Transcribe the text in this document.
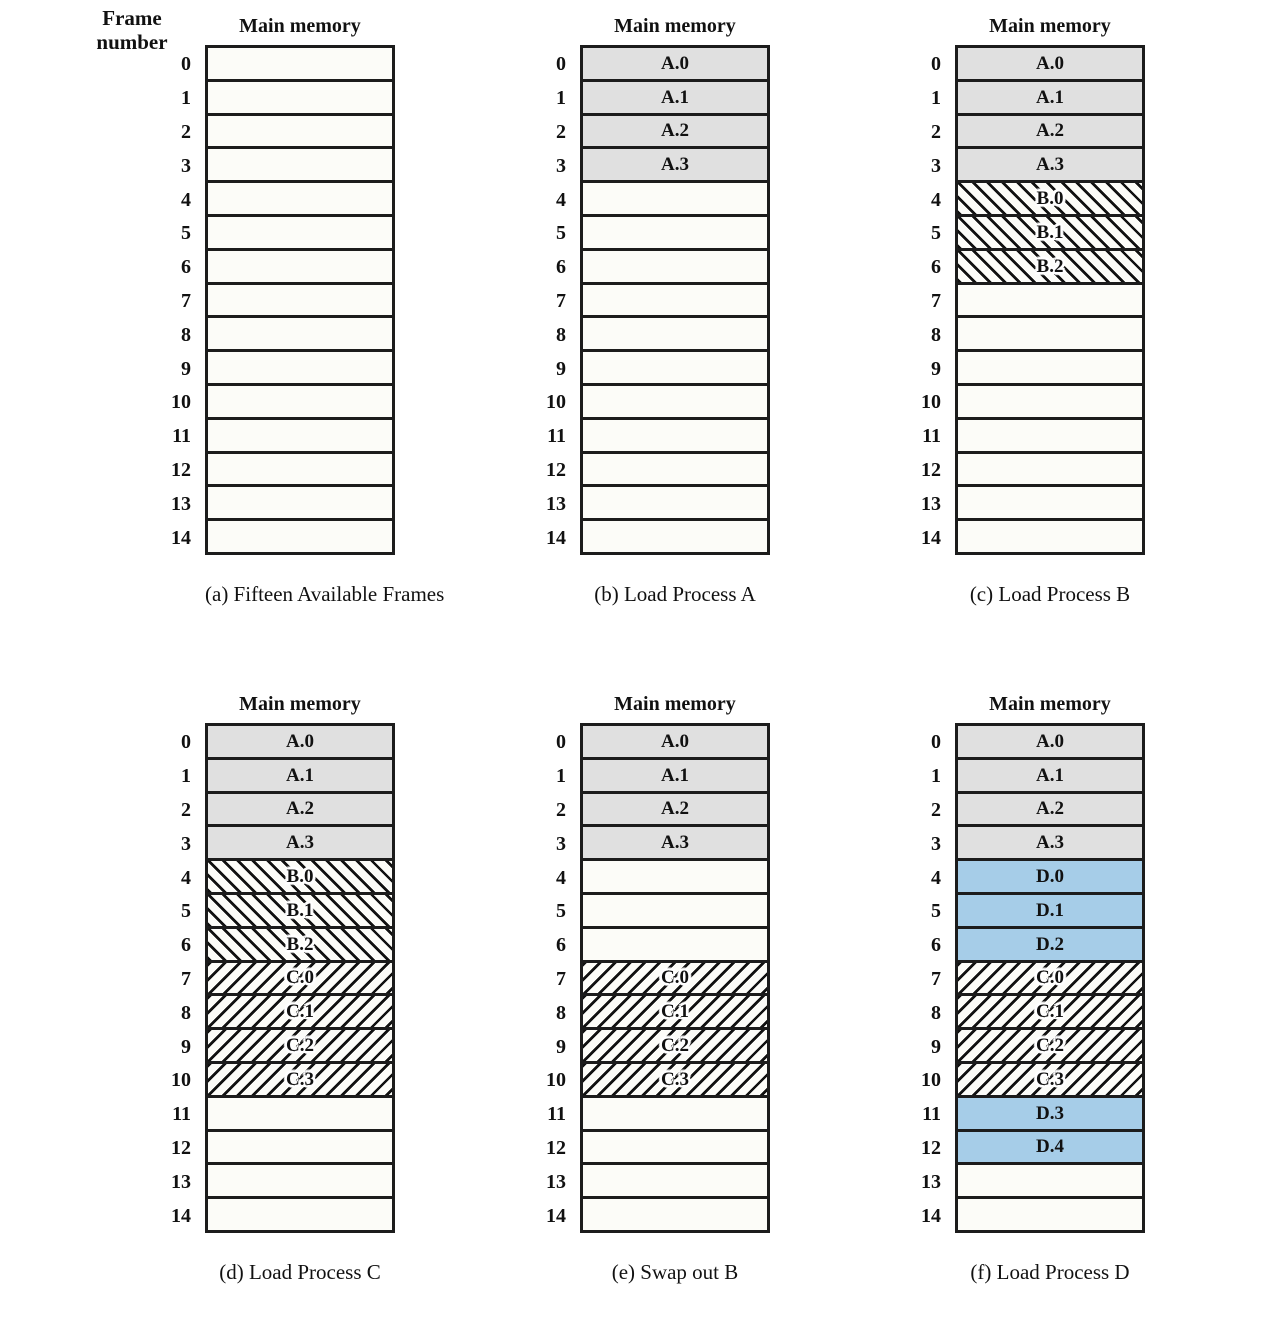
Frame
number
Main memory
0
1
2
3
4
5
6
7
8
9
10
11
12
13
14
(a) Fifteen Available Frames
Main memory
0
1
2
3
4
5
6
7
8
9
10
11
12
13
14
A.0
A.1
A.2
A.3
(b) Load Process A
Main memory
0
1
2
3
4
5
6
7
8
9
10
11
12
13
14
A.0
A.1
A.2
A.3
B.0
B.1
B.2
(c) Load Process B
Main memory
0
1
2
3
4
5
6
7
8
9
10
11
12
13
14
A.0
A.1
A.2
A.3
B.0
B.1
B.2
C.0
C.1
C.2
C.3
(d) Load Process C
Main memory
0
1
2
3
4
5
6
7
8
9
10
11
12
13
14
A.0
A.1
A.2
A.3
C.0
C.1
C.2
C.3
(e) Swap out B
Main memory
0
1
2
3
4
5
6
7
8
9
10
11
12
13
14
A.0
A.1
A.2
A.3
D.0
D.1
D.2
C.0
C.1
C.2
C.3
D.3
D.4
(f) Load Process D
